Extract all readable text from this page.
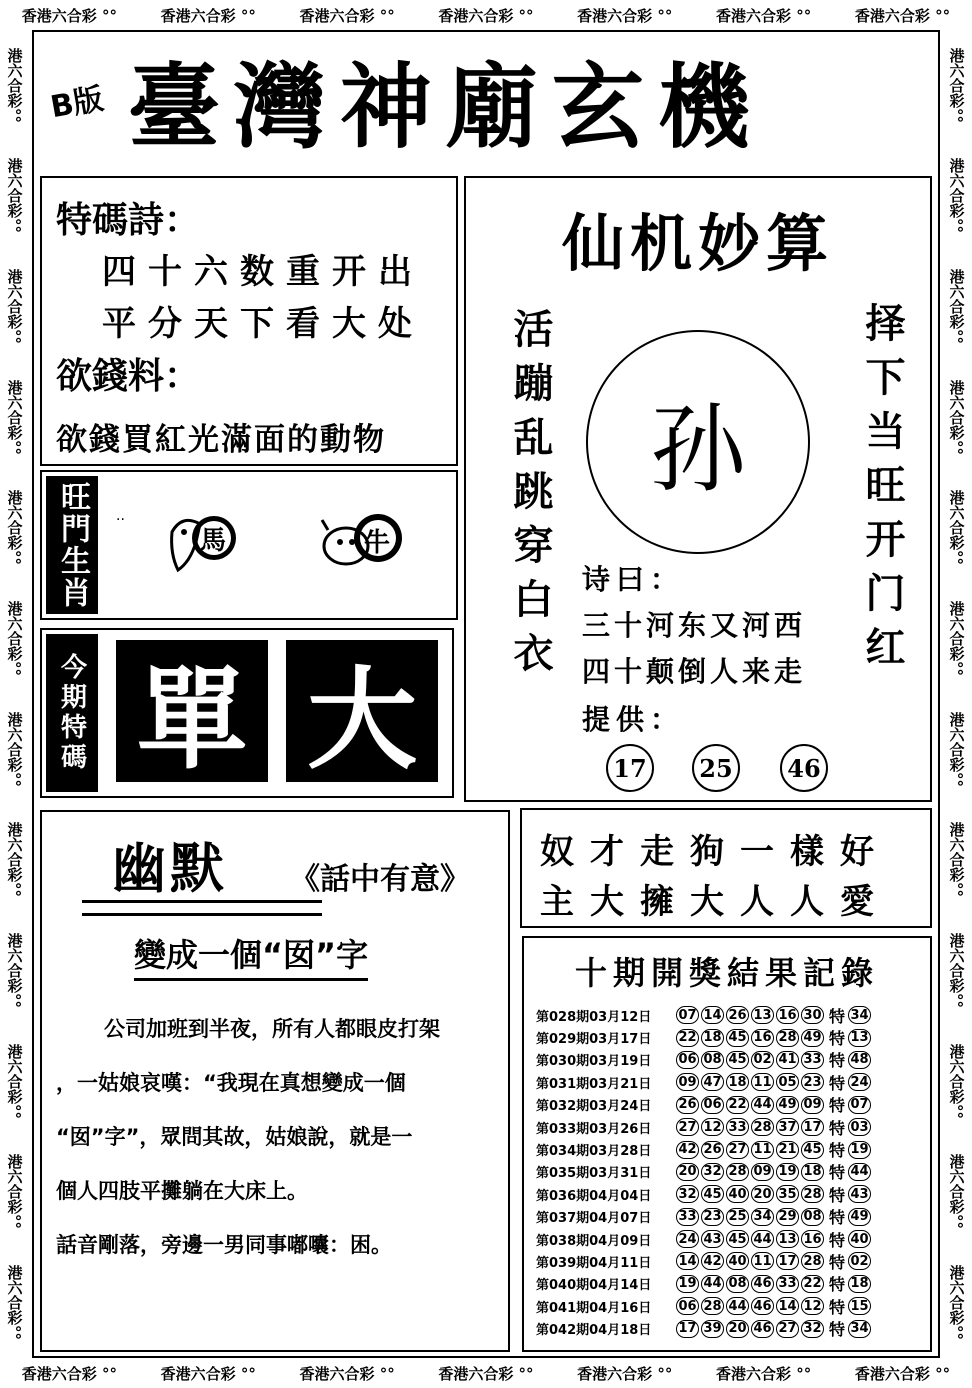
香港六合彩 °°	香港六合彩 °°	香港六合彩 °°	香港六合彩 °°	香港六合彩 °°	香港六合彩 °°	香港六合彩 °°
香港六合彩 °°	香港六合彩 °°	香港六合彩 °°	香港六合彩 °°	香港六合彩 °°	香港六合彩 °°	香港六合彩 °°
港六合彩°°
港六合彩°°
港六合彩°°
港六合彩°°
港六合彩°°
港六合彩°°
港六合彩°°
港六合彩°°
港六合彩°°
港六合彩°°
港六合彩°°
港六合彩°°
港六合彩°°
港六合彩°°
港六合彩°°
港六合彩°°
港六合彩°°
港六合彩°°
港六合彩°°
港六合彩°°
港六合彩°°
港六合彩°°
港六合彩°°
港六合彩°°
B版 臺灣神廟玄機
特碼詩：
四十六数重开出
平分天下看大处
欲錢料：
欲錢買紅光滿面的動物
旺門生肖	··
馬	牛
今期特碼 單 大
仙机妙算
活蹦乱跳穿白衣	择下当旺开门红
孙
诗曰：
三十河东又河西
四十颠倒人来走
提供：
17	25	46
奴才走狗一樣好
主大擁大人人愛
幽默 《話中有意》
變成一個“囡”字
公司加班到半夜，所有人都眼皮打架
，一姑娘哀嘆：“我現在真想變成一個
“囡”字”，眾問其故，姑娘說，就是一
個人四肢平攤躺在大床上。
話音剛落，旁邊一男同事嘟囔：困。
十期開獎結果記錄
第028期03月12日	07 14 26 13 16 30 特 34
第029期03月17日	22 18 45 16 28 49 特 13
第030期03月19日	06 08 45 02 41 33 特 48
第031期03月21日	09 47 18 11 05 23 特 24
第032期03月24日	26 06 22 44 49 09 特 07
第033期03月26日	27 12 33 28 37 17 特 03
第034期03月28日	42 26 27 11 21 45 特 19
第035期03月31日	20 32 28 09 19 18 特 44
第036期04月04日	32 45 40 20 35 28 特 43
第037期04月07日	33 23 25 34 29 08 特 49
第038期04月09日	24 43 45 44 13 16 特 40
第039期04月11日	14 42 40 11 17 28 特 02
第040期04月14日	19 44 08 46 33 22 特 18
第041期04月16日	06 28 44 46 14 12 特 15
第042期04月18日	17 39 20 46 27 32 特 34
